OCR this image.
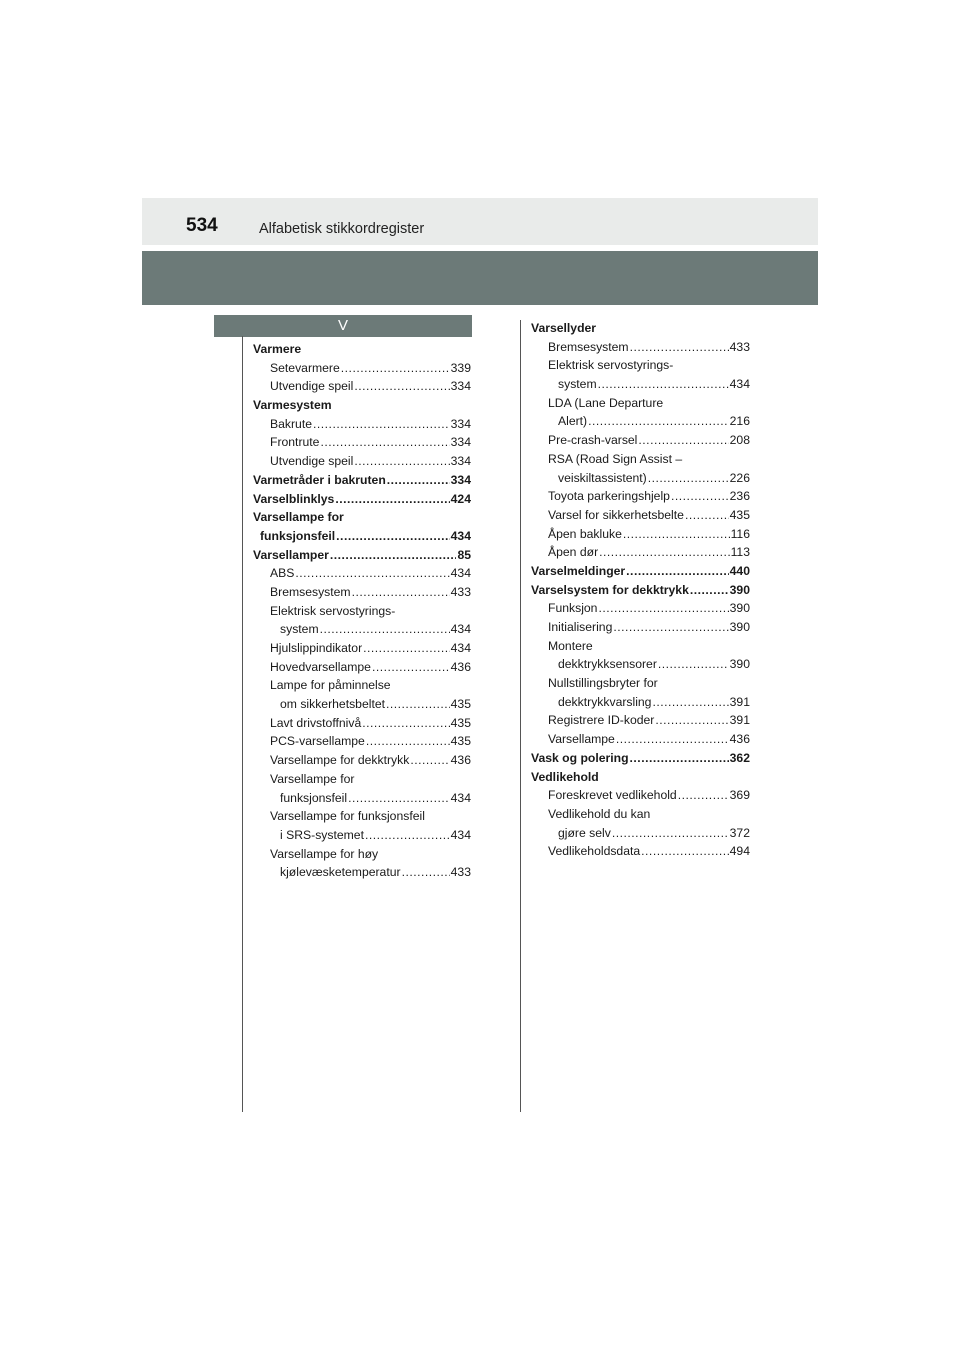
534	Alfabetisk stikkordregister
V
Varmere
Setevarmere .....	339
Utvendige speil .....	334
Varmesystem
Bakrute .....	334
Frontrute .....	334
Utvendige speil .....	334
Varmetråder i bakruten .....	334
Varselblinklys .....	424
Varsellampe for
funksjonsfeil .....	434
Varsellamper .....	85
ABS .....	434
Bremsesystem .....	433
Elektrisk servostyrings-
system .....	434
Hjulslippindikator .....	434
Hovedvarsellampe .....	436
Lampe for påminnelse
om sikkerhetsbeltet .....	435
Lavt drivstoffnivå .....	435
PCS-varsellampe .....	435
Varsellampe for dekktrykk .....	436
Varsellampe for
funksjonsfeil .....	434
Varsellampe for funksjonsfeil
i SRS-systemet .....	434
Varsellampe for høy
kjølevæsketemperatur .....	433
Varsellyder
Bremsesystem .....	433
Elektrisk servostyrings-
system .....	434
LDA (Lane Departure
Alert) .....	216
Pre-crash-varsel .....	208
RSA (Road Sign Assist –
veiskiltassistent) .....	226
Toyota parkeringshjelp .....	236
Varsel for sikkerhetsbelte .....	435
Åpen bakluke .....	116
Åpen dør .....	113
Varselmeldinger .....	440
Varselsystem for dekktrykk .....	390
Funksjon .....	390
Initialisering .....	390
Montere
dekktrykksensorer .....	390
Nullstillingsbryter for
dekktrykkvarsling .....	391
Registrere ID-koder .....	391
Varsellampe .....	436
Vask og polering .....	362
Vedlikehold
Foreskrevet vedlikehold .....	369
Vedlikehold du kan
gjøre selv .....	372
Vedlikeholdsdata .....	494
